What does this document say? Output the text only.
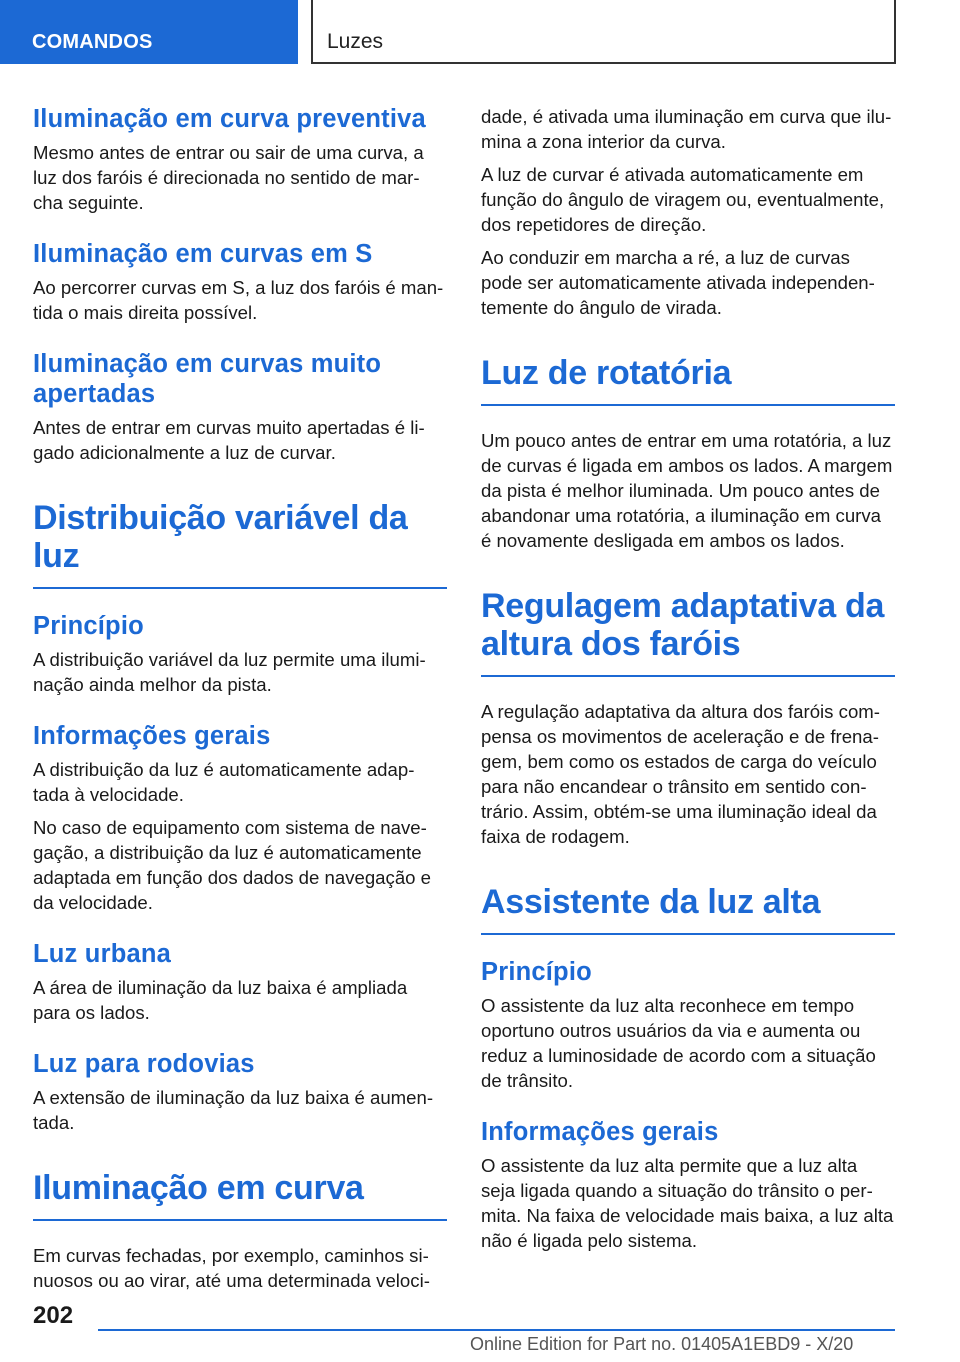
COMANDOS	Luzes
Iluminação em curva preventiva

Mesmo antes de entrar ou sair de uma curva, a luz dos faróis é direcionada no sentido de mar-cha seguinte.

Iluminação em curvas em S

Ao percorrer curvas em S, a luz dos faróis é man-tida o mais direita possível.

Iluminação em curvas muito apertadas

Antes de entrar em curvas muito apertadas é li-gado adicionalmente a luz de curvar.

Distribuição variável da luz
Princípio

A distribuição variável da luz permite uma ilumi-nação ainda melhor da pista.

Informações gerais

A distribuição da luz é automaticamente adap-tada à velocidade.

No caso de equipamento com sistema de nave-gação, a distribuição da luz é automaticamente adaptada em função dos dados de navegação e da velocidade.

Luz urbana

A área de iluminação da luz baixa é ampliada para os lados.

Luz para rodovias

A extensão de iluminação da luz baixa é aumen-tada.

Iluminação em curva

Em curvas fechadas, por exemplo, caminhos si-nuosos ou ao virar, até uma determinada veloci-

dade, é ativada uma iluminação em curva que ilu-mina a zona interior da curva.

A luz de curvar é ativada automaticamente em função do ângulo de viragem ou, eventualmente, dos repetidores de direção.

Ao conduzir em marcha a ré, a luz de curvas pode ser automaticamente ativada independen-temente do ângulo de virada.

Luz de rotatória

Um pouco antes de entrar em uma rotatória, a luz de curvas é ligada em ambos os lados. A margem da pista é melhor iluminada. Um pouco antes de abandonar uma rotatória, a iluminação em curva é novamente desligada em ambos os lados.

Regulagem adaptativa da altura dos faróis

A regulação adaptativa da altura dos faróis com-pensa os movimentos de aceleração e de frena-gem, bem como os estados de carga do veículo para não encandear o trânsito em sentido con-trário. Assim, obtém-se uma iluminação ideal da faixa de rodagem.

Assistente da luz alta
Princípio

O assistente da luz alta reconhece em tempo oportuno outros usuários da via e aumenta ou reduz a luminosidade de acordo com a situação de trânsito.

Informações gerais

O assistente da luz alta permite que a luz alta seja ligada quando a situação do trânsito o per-mita. Na faixa de velocidade mais baixa, a luz alta não é ligada pelo sistema.

202
Online Edition for Part no. 01405A1EBD9 - X/20
